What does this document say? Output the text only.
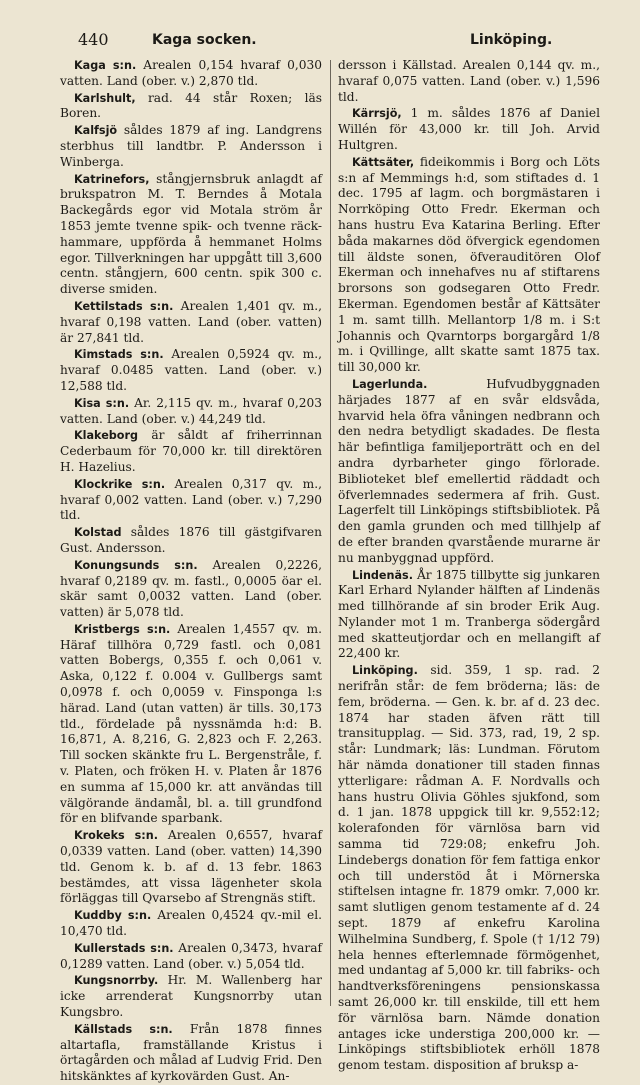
440	Kaga socken.	Linköping.

Kaga s:n. Arealen 0,154 hvaraf 0,030 vatten. Land (ober. v.) 2,870 tld.

Karlshult, rad. 44 står Roxen; läs Boren.

Kalfsjö såldes 1879 af ing. Landgrens sterbhus till landtbr. P. Andersson i Winberga.

Katrinefors, stångjernsbruk anlagdt af brukspatron M. T. Berndes å Motala Backegårds egor vid Motala ström år 1853 jemte tvenne spik- och tvenne räck-hammare, uppförda å hemmanet Holms egor. Tillverkningen har uppgått till 3,600 centn. stångjern, 600 centn. spik 300 c. diverse smiden.

Kettilstads s:n. Arealen 1,401 qv. m., hvaraf 0,198 vatten. Land (ober. vatten) är 27,841 tld.

Kimstads s:n. Arealen 0,5924 qv. m., hvaraf 0.0485 vatten. Land (ober. v.) 12,588 tld.

Kisa s:n. Ar. 2,115 qv. m., hvaraf 0,203 vatten. Land (ober. v.) 44,249 tld.

Klakeborg är såldt af friherrinnan Cederbaum för 70,000 kr. till direktören H. Hazelius.

Klockrike s:n. Arealen 0,317 qv. m., hvaraf 0,002 vatten. Land (ober. v.) 7,290 tld.

Kolstad såldes 1876 till gästgifvaren Gust. Andersson.

Konungsunds s:n. Arealen 0,2226, hvaraf 0,2189 qv. m. fastl., 0,0005 öar el. skär samt 0,0032 vatten. Land (ober. vatten) är 5,078 tld.

Kristbergs s:n. Arealen 1,4557 qv. m. Häraf tillhöra 0,729 fastl. och 0,081 vatten Bobergs, 0,355 f. och 0,061 v. Aska, 0,122 f. 0.004 v. Gullbergs samt 0,0978 f. och 0,0059 v. Finsponga l:s härad. Land (utan vatten) är tills. 30,173 tld., fördelade på nyssnämda h:d: B. 16,871, A. 8,216, G. 2,823 och F. 2,263. Till socken skänkte fru L. Bergenstråle, f. v. Platen, och fröken H. v. Platen år 1876 en summa af 15,000 kr. att användas till välgörande ändamål, bl. a. till grundfond för en blifvande sparbank.

Krokeks s:n. Arealen 0,6557, hvaraf 0,0339 vatten. Land (ober. vatten) 14,390 tld. Genom k. b. af d. 13 febr. 1863 bestämdes, att vissa lägenheter skola förläggas till Qvarsebo af Strengnäs stift.

Kuddby s:n. Arealen 0,4524 qv.-mil el. 10,470 tld.

Kullerstads s:n. Arealen 0,3473, hvaraf 0,1289 vatten. Land (ober. v.) 5,054 tld.

Kungsnorrby. Hr. M. Wallenberg har icke arrenderat Kungsnorrby utan Kungsbro.

Källstads s:n. Från 1878 finnes altartafla, framställande Kristus i örtagården och målad af Ludvig Frid. Den hitskänktes af kyrkovärden Gust. An-

dersson i Källstad. Arealen 0,144 qv. m., hvaraf 0,075 vatten. Land (ober. v.) 1,596 tld.

Kärrsjö, 1 m. såldes 1876 af Daniel Willén för 43,000 kr. till Joh. Arvid Hultgren.

Kättsäter, fideikommis i Borg och Löts s:n af Memmings h:d, som stiftades d. 1 dec. 1795 af lagm. och borgmästaren i Norrköping Otto Fredr. Ekerman och hans hustru Eva Katarina Berling. Efter båda makarnes död öfvergick egendomen till äldste sonen, öfverauditören Olof Ekerman och innehafves nu af stiftarens brorsons son godsegaren Otto Fredr. Ekerman. Egendomen består af Kättsäter 1 m. samt tillh. Mellantorp 1/8 m. i S:t Johannis och Qvarntorps borgargård 1/8 m. i Qvillinge, allt skatte samt 1875 tax. till 30,000 kr.

Lagerlunda. Hufvudbyggnaden härjades 1877 af en svår eldsvåda, hvarvid hela öfra våningen nedbrann och den nedra betydligt skadades. De flesta här befintliga familjeporträtt och en del andra dyrbarheter gingo förlorade. Biblioteket blef emellertid räddadt och öfverlemnades sedermera af frih. Gust. Lagerfelt till Linköpings stiftsbibliotek. På den gamla grunden och med tillhjelp af de efter branden qvarstående murarne är nu manbyggnad uppförd.

Lindenäs. År 1875 tillbytte sig junkaren Karl Erhard Nylander hälften af Lindenäs med tillhörande af sin broder Erik Aug. Nylander mot 1 m. Tranberga södergård med skatteutjordar och en mellangift af 22,400 kr.

Linköping. sid. 359, 1 sp. rad. 2 nerifrån står: de fem bröderna; läs: de fem, bröderna. — Gen. k. br. af d. 23 dec. 1874 har staden äfven rätt till transitupplag. — Sid. 373, rad, 19, 2 sp. står: Lundmark; läs: Lundman. Förutom här nämda donationer till staden finnas ytterligare: rådman A. F. Nordvalls och hans hustru Olivia Göhles sjukfond, som d. 1 jan. 1878 uppgick till kr. 9,552:12; kolerafonden för värnlösa barn vid samma tid 729:08; enkefru Joh. Lindebergs donation för fem fattiga enkor och till understöd åt i Mörnerska stiftelsen intagne fr. 1879 omkr. 7,000 kr. samt slutligen genom testamente af d. 24 sept. 1879 af enkefru Karolina Wilhelmina Sundberg, f. Spole († 1/12 79) hela hennes efterlemnade förmögenhet, med undantag af 5,000 kr. till fabriks- och handtverksföreningens pensionskassa samt 26,000 kr. till enskilde, till ett hem för värnlösa barn. Nämde donation antages icke understiga 200,000 kr. — Linköpings stiftsbibliotek erhöll 1878 genom testam. disposition af bruksp a-
